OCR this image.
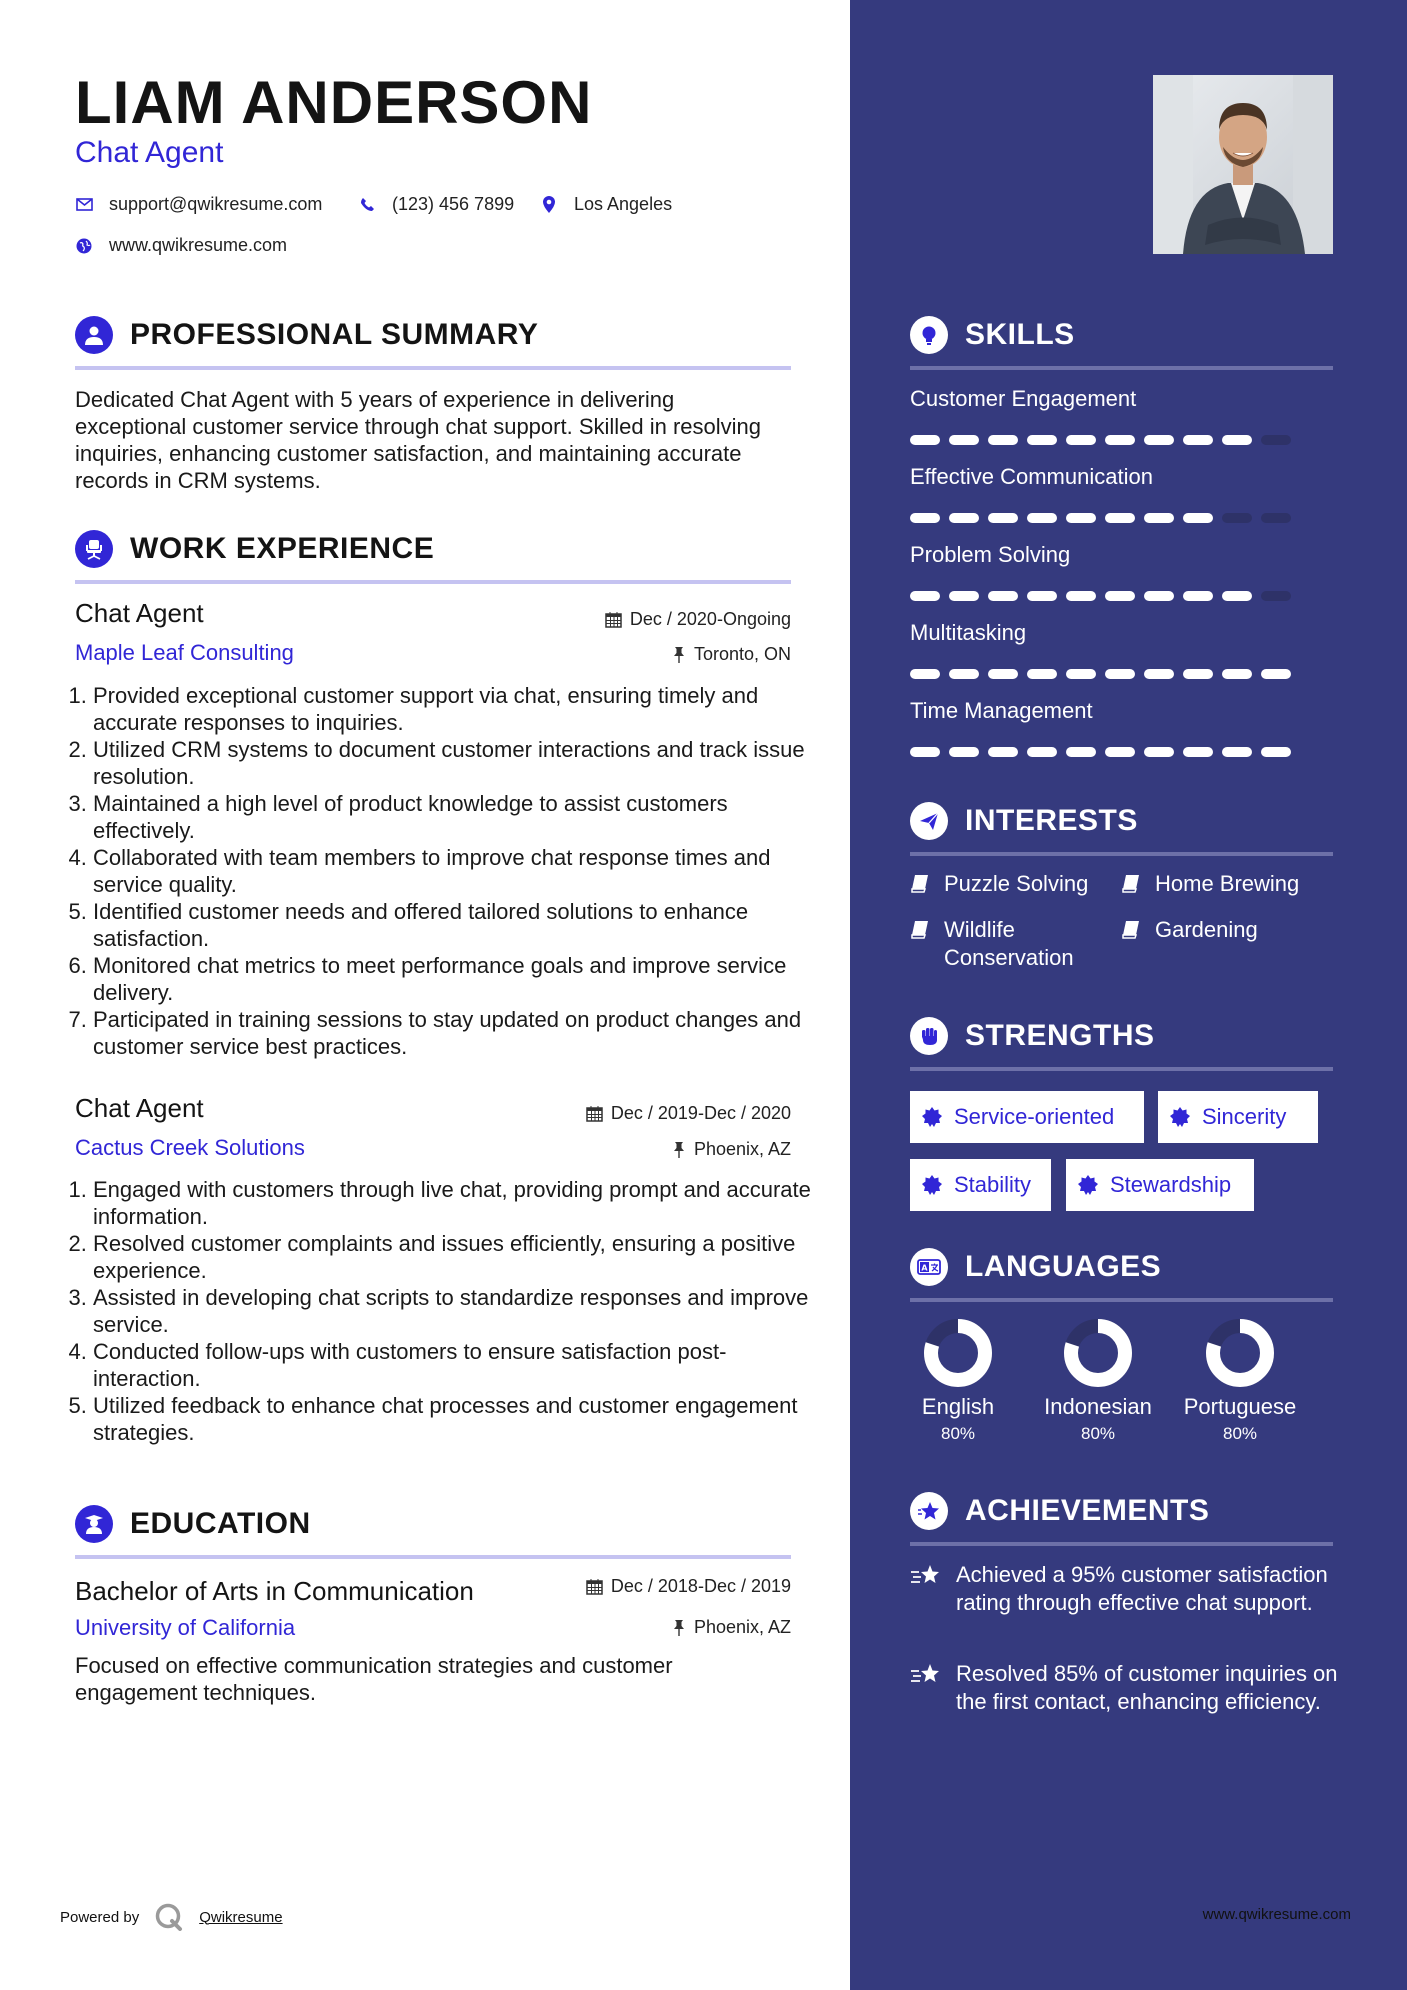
LIAM ANDERSON
Chat Agent
support@qwikresume.com	(123) 456 7899	Los Angeles
www.qwikresume.com
PROFESSIONAL SUMMARY
Dedicated Chat Agent with 5 years of experience in delivering exceptional customer service through chat support. Skilled in resolving inquiries, enhancing customer satisfaction, and maintaining accurate records in CRM systems.
WORK EXPERIENCE
Chat Agent	Dec / 2020-Ongoing
Maple Leaf Consulting	Toronto, ON
1. Provided exceptional customer support via chat, ensuring timely and accurate responses to inquiries.
2. Utilized CRM systems to document customer interactions and track issue resolution.
3. Maintained a high level of product knowledge to assist customers effectively.
4. Collaborated with team members to improve chat response times and service quality.
5. Identified customer needs and offered tailored solutions to enhance satisfaction.
6. Monitored chat metrics to meet performance goals and improve service delivery.
7. Participated in training sessions to stay updated on product changes and customer service best practices.
Chat Agent	Dec / 2019-Dec / 2020
Cactus Creek Solutions	Phoenix, AZ
1. Engaged with customers through live chat, providing prompt and accurate information.
2. Resolved customer complaints and issues efficiently, ensuring a positive experience.
3. Assisted in developing chat scripts to standardize responses and improve service.
4. Conducted follow-ups with customers to ensure satisfaction post-interaction.
5. Utilized feedback to enhance chat processes and customer engagement strategies.
EDUCATION
Bachelor of Arts in Communication	Dec / 2018-Dec / 2019
University of California	Phoenix, AZ
Focused on effective communication strategies and customer engagement techniques.
Powered by	Qwikresume
SKILLS
Customer Engagement
Effective Communication
Problem Solving
Multitasking
Time Management
INTERESTS
Puzzle Solving	Home Brewing
Wildlife Conservation
Gardening
STRENGTHS
Service-oriented	Sincerity
Stability	Stewardship
A LANGUAGES
English
80%
Indonesian
80%
Portuguese
80%
ACHIEVEMENTS
Achieved a 95% customer satisfaction rating through effective chat support.
Resolved 85% of customer inquiries on the first contact, enhancing efficiency.
www.qwikresume.com
